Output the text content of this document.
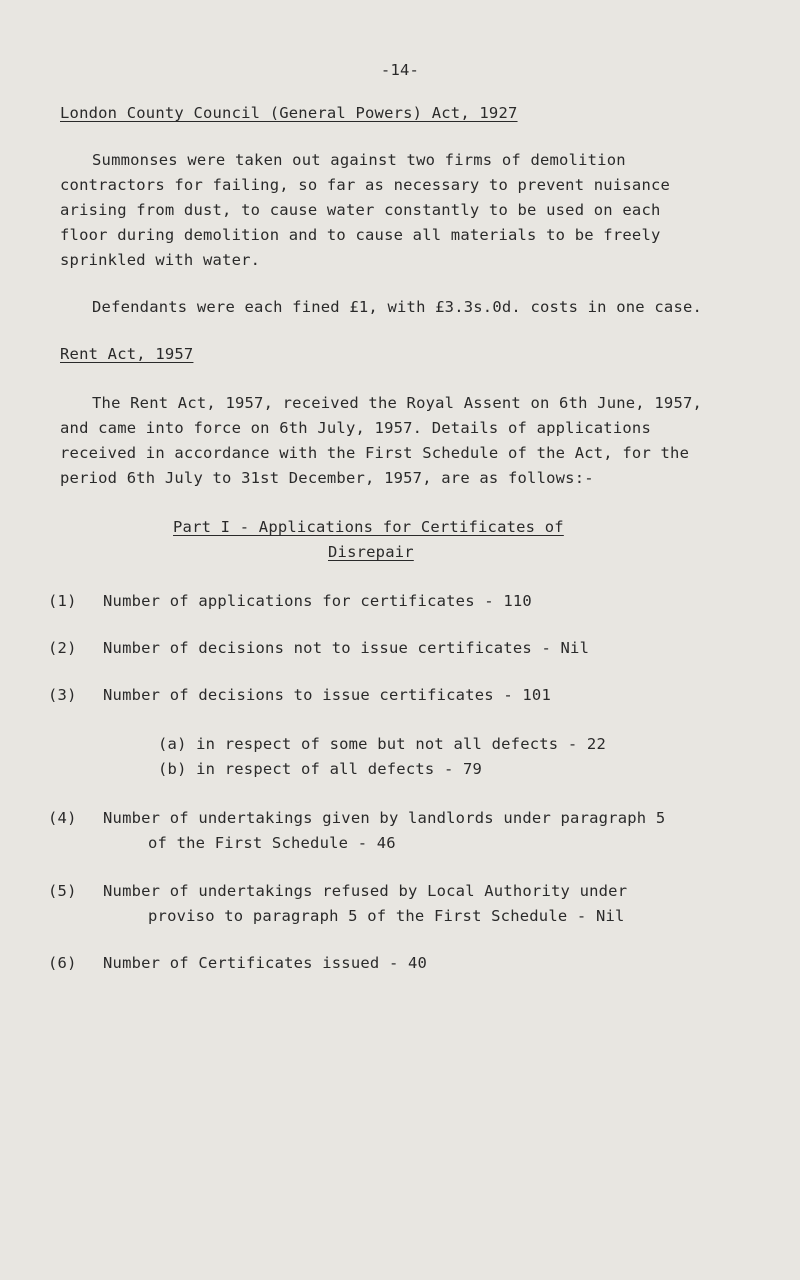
-14-
London County Council (General Powers) Act, 1927
Summonses were taken out against two firms of demolition
contractors for failing, so far as necessary to prevent nuisance
arising from dust, to cause water constantly to be used on each
floor during demolition and to cause all materials to be freely
sprinkled with water.
Defendants were each fined £1, with £3.3s.0d. costs in one case.
Rent Act, 1957
The Rent Act, 1957, received the Royal Assent on 6th June, 1957,
and came into force on 6th July, 1957. Details of applications
received in accordance with the First Schedule of the Act, for the
period 6th July to 31st December, 1957, are as follows:-
Part I - Applications for Certificates of
Disrepair
(1) Number of applications for certificates - 110
(2) Number of decisions not to issue certificates - Nil
(3) Number of decisions to issue certificates - 101
(a) in respect of some but not all defects - 22
(b) in respect of all defects - 79
(4) Number of undertakings given by landlords under paragraph 5
of the First Schedule - 46
(5) Number of undertakings refused by Local Authority under
proviso to paragraph 5 of the First Schedule - Nil
(6) Number of Certificates issued - 40
